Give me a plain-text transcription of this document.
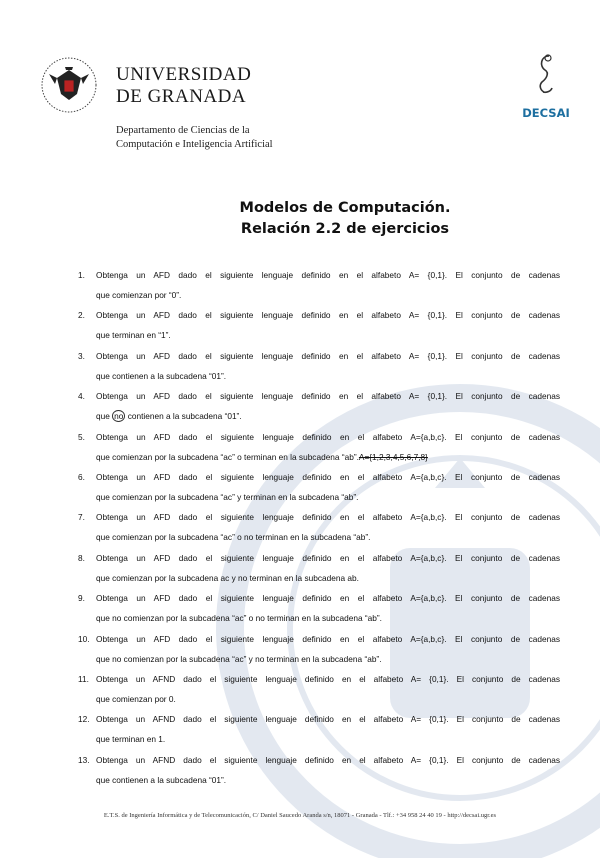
UNIVERSIDAD
DE GRANADA
Departamento de Ciencias de la
Computación e Inteligencia Artificial
DECSAI
Modelos de Computación.
Relación 2.2 de ejercicios
1. Obtenga un AFD dado el siguiente lenguaje definido en el alfabeto A= {0,1}. El conjunto de cadenas
que comienzan por “0”.
2. Obtenga un AFD dado el siguiente lenguaje definido en el alfabeto A= {0,1}. El conjunto de cadenas
que terminan en “1”.
3. Obtenga un AFD dado el siguiente lenguaje definido en el alfabeto A= {0,1}. El conjunto de cadenas
que contienen a la subcadena “01”.
4. Obtenga un AFD dado el siguiente lenguaje definido en el alfabeto A= {0,1}. El conjunto de cadenas
que no contienen a la subcadena “01”.
5. Obtenga un AFD dado el siguiente lenguaje definido en el alfabeto A={a,b,c}. El conjunto de cadenas
que comienzan por la subcadena “ac” o terminan en la subcadena “ab”.A={1,2,3,4,5,6,7,8}
6. Obtenga un AFD dado el siguiente lenguaje definido en el alfabeto A={a,b,c}. El conjunto de cadenas
que comienzan por la subcadena “ac” y terminan en la subcadena “ab”.
7. Obtenga un AFD dado el siguiente lenguaje definido en el alfabeto A={a,b,c}. El conjunto de cadenas
que comienzan por la subcadena “ac” o no terminan en la subcadena “ab”.
8. Obtenga un AFD dado el siguiente lenguaje definido en el alfabeto A={a,b,c}. El conjunto de cadenas
que comienzan por la subcadena ac y no terminan en la subcadena ab.
9. Obtenga un AFD dado el siguiente lenguaje definido en el alfabeto A={a,b,c}. El conjunto de cadenas
que no comienzan por la subcadena “ac” o no terminan en la subcadena “ab”.
10. Obtenga un AFD dado el siguiente lenguaje definido en el alfabeto A={a,b,c}. El conjunto de cadenas
que no comienzan por la subcadena “ac” y no terminan en la subcadena “ab”.
11. Obtenga un AFND dado el siguiente lenguaje definido en el alfabeto A= {0,1}. El conjunto de cadenas
que comienzan por 0.
12. Obtenga un AFND dado el siguiente lenguaje definido en el alfabeto A= {0,1}. El conjunto de cadenas
que terminan en 1.
13. Obtenga un AFND dado el siguiente lenguaje definido en el alfabeto A= {0,1}. El conjunto de cadenas
que contienen a la subcadena “01”.
E.T.S. de Ingeniería Informática y de Telecomunicación, C/ Daniel Saucedo Aranda s/n, 18071 - Granada - Tlf.: +34 958 24 40 19 - http://decsai.ugr.es
